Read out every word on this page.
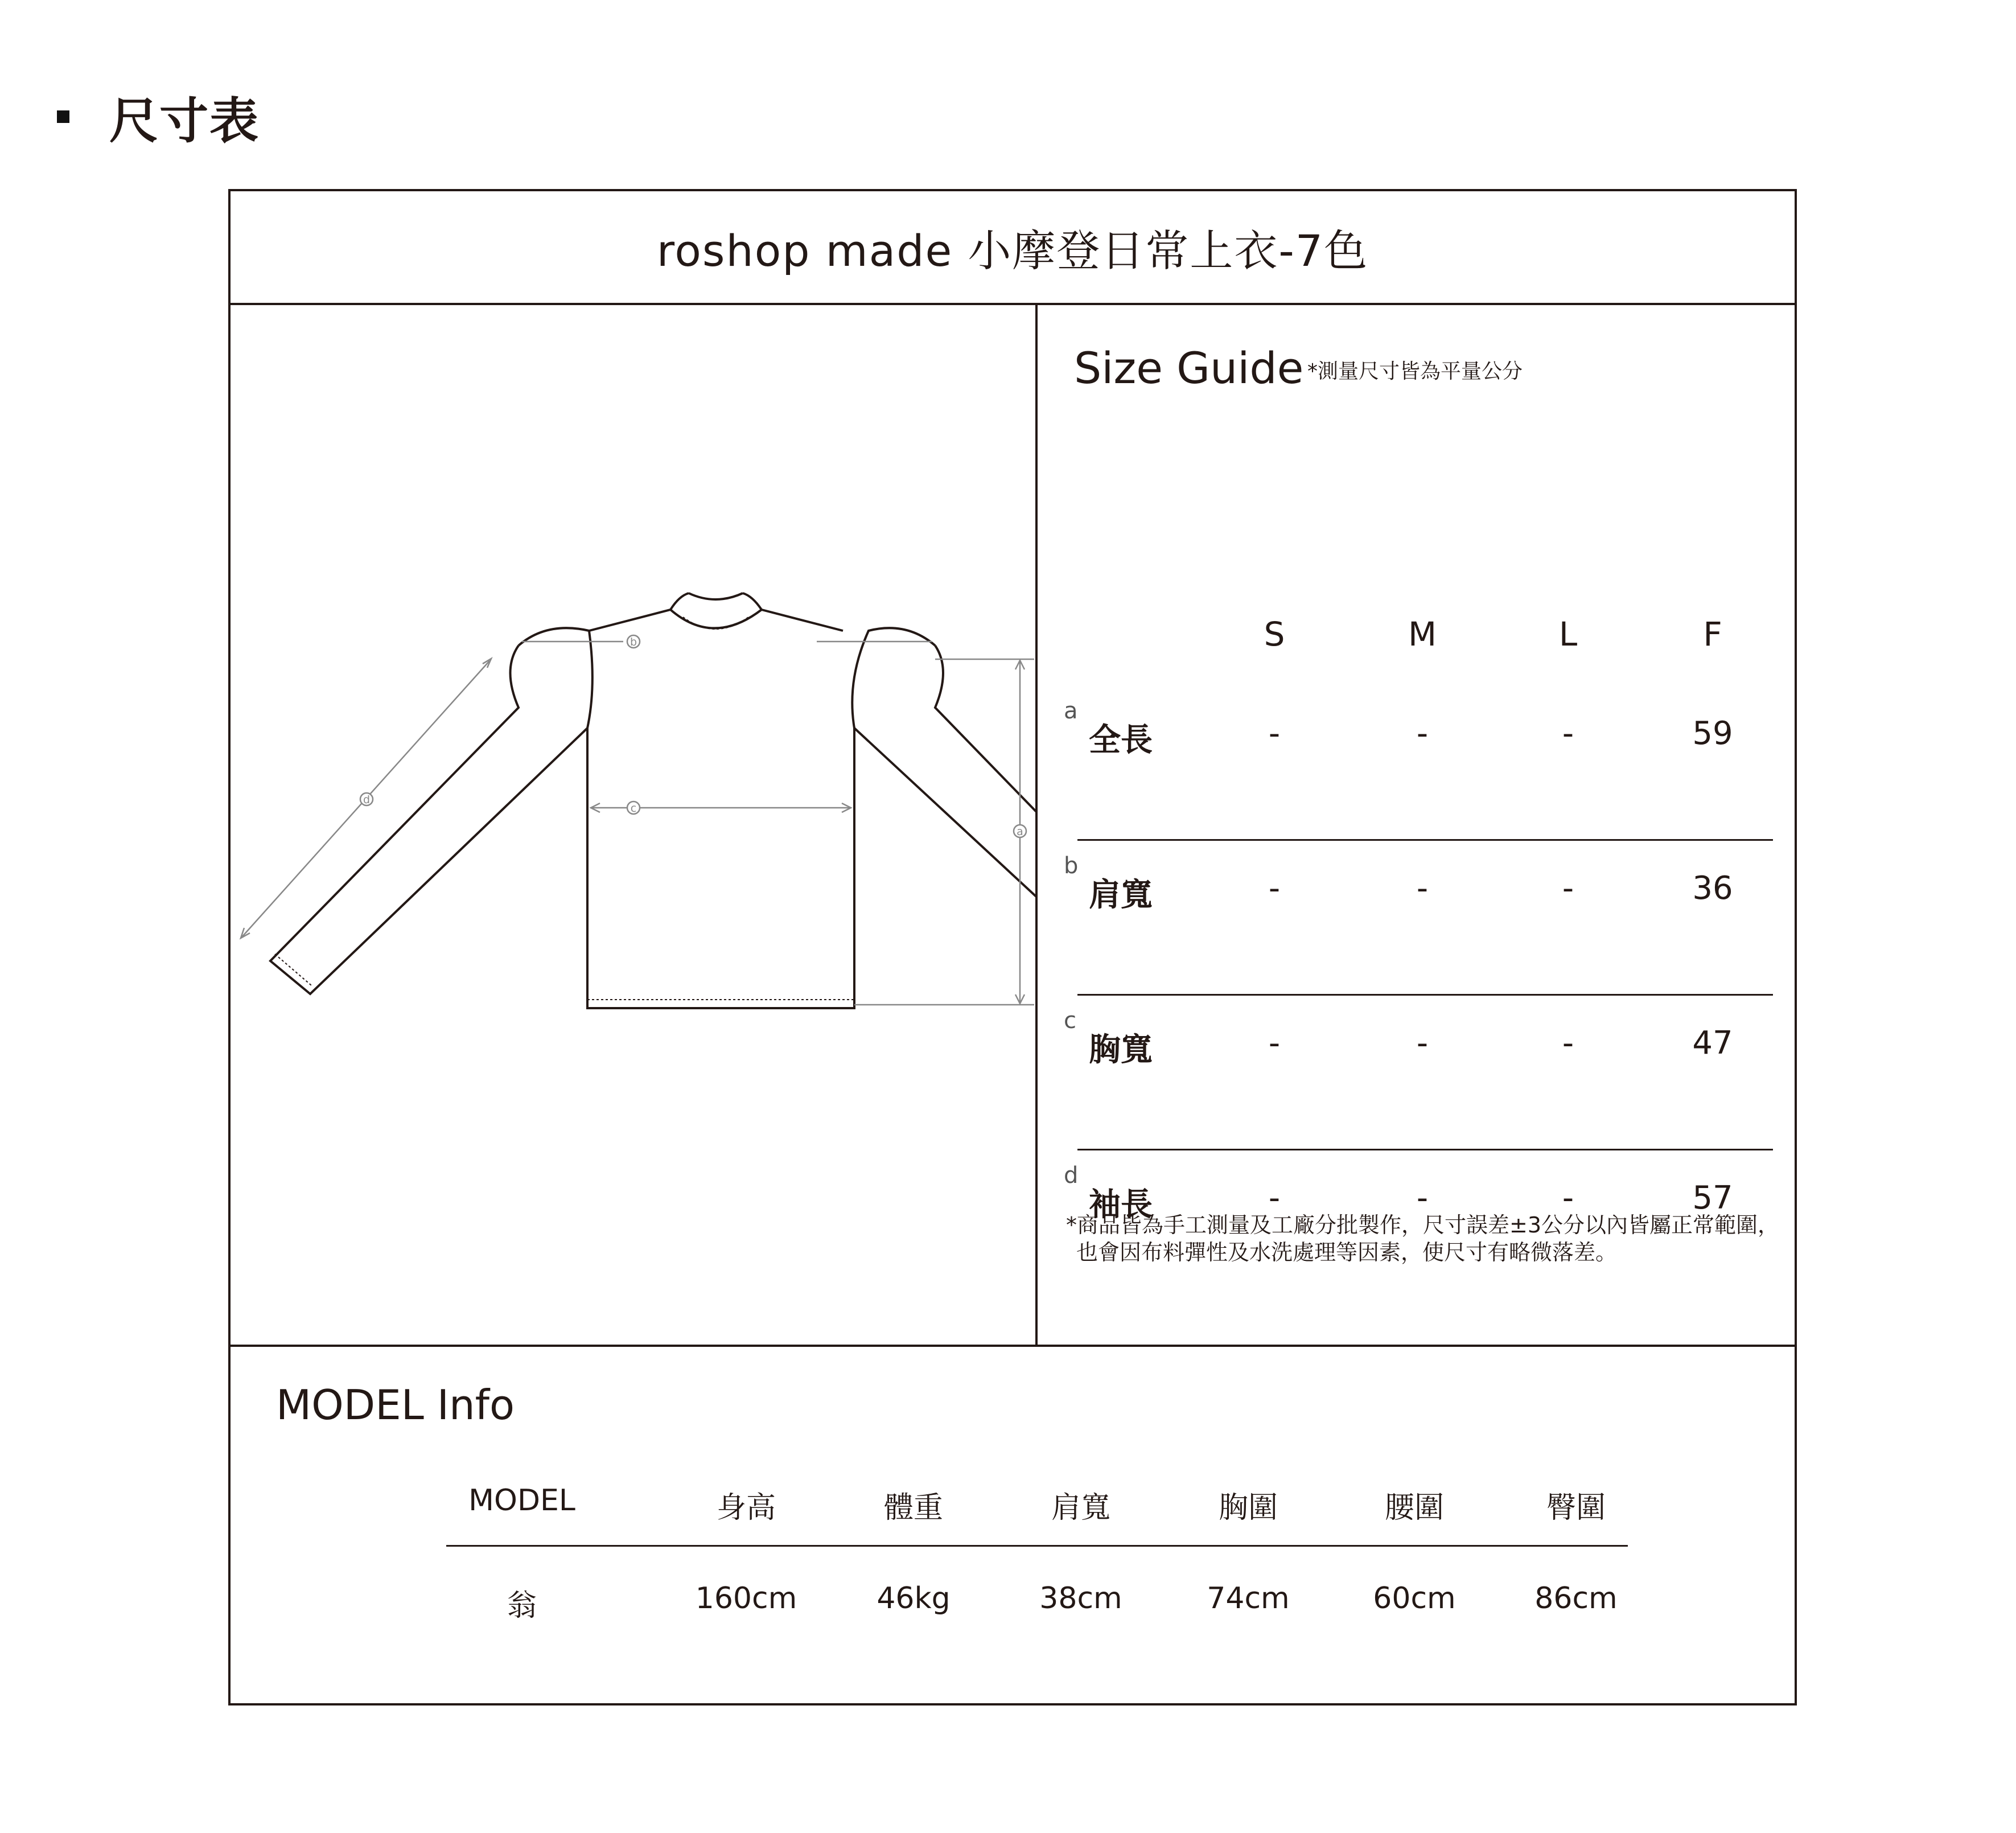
尺寸表
roshop made 小摩登日常上衣-7色
a
b
c
d
Size Guide *測量尺寸皆為平量公分
S	M	L	F
a
全長	-	-	-	59
b
肩寬	-	-	-	36
c
胸寬	-	-	-	47
d
袖長	-	-	-	57
*商品皆為手工測量及工廠分批製作，尺寸誤差±3公分以內皆屬正常範圍，
也會因布料彈性及水洗處理等因素，使尺寸有略微落差。
MODEL Info
MODEL	身高	體重	肩寬	胸圍	腰圍	臀圍
翁	160cm	46kg	38cm	74cm	60cm	86cm
